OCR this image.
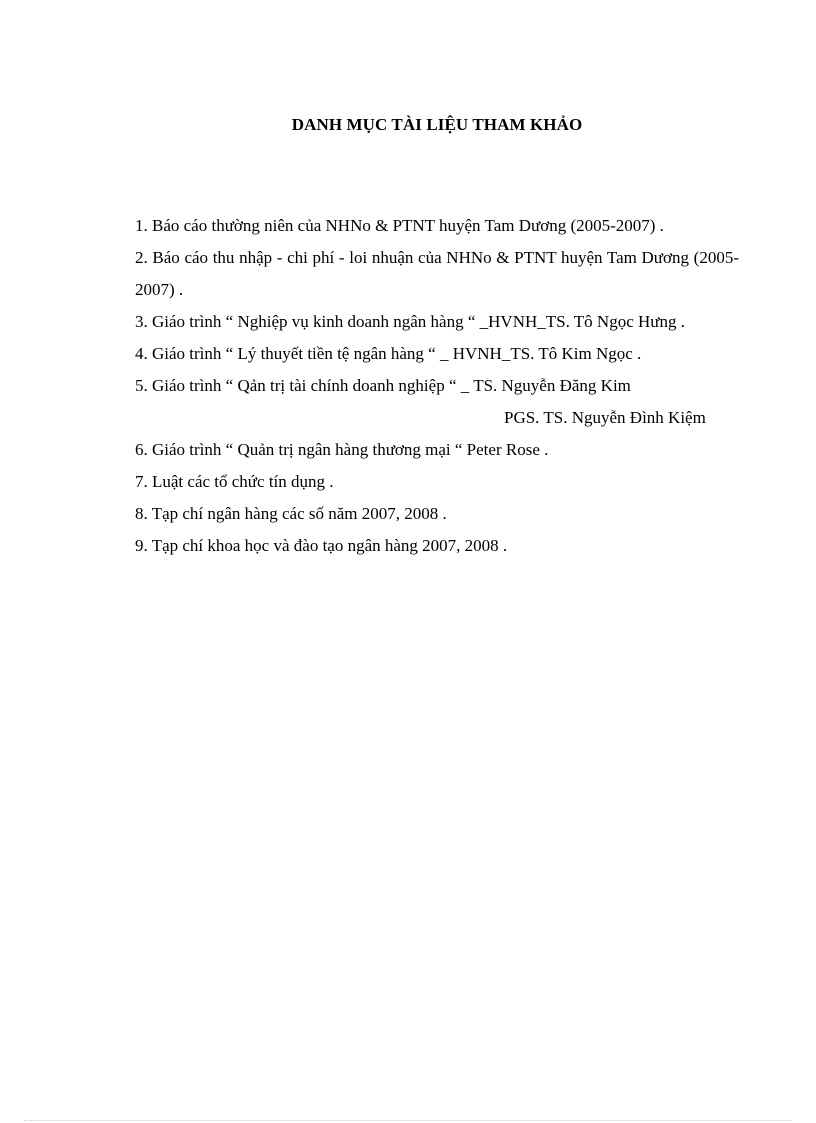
DANH MỤC TÀI LIỆU THAM KHẢO
1. Báo cáo thường niên của NHNo & PTNT huyện Tam Dương (2005-2007) .
2. Báo cáo thu nhập - chi phí - loi nhuận của NHNo & PTNT huyện Tam Dương (2005-2007) .
3. Giáo trình “ Nghiệp vụ kinh doanh ngân hàng “ _HVNH_TS. Tô Ngọc Hưng .
4. Giáo trình “ Lý thuyết tiền tệ ngân hàng “ _ HVNH_TS. Tô Kim Ngọc .
5. Giáo trình “ Qản trị tài chính doanh nghiệp “ _ TS. Nguyễn Đăng Kim
PGS. TS. Nguyễn Đình Kiệm
6. Giáo trình “ Quản trị ngân hàng thương mại “ Peter Rose .
7. Luật các tổ chức tín dụng .
8. Tạp chí ngân hàng các số năm 2007, 2008 .
9. Tạp chí khoa học và đào tạo ngân hàng 2007, 2008 .
